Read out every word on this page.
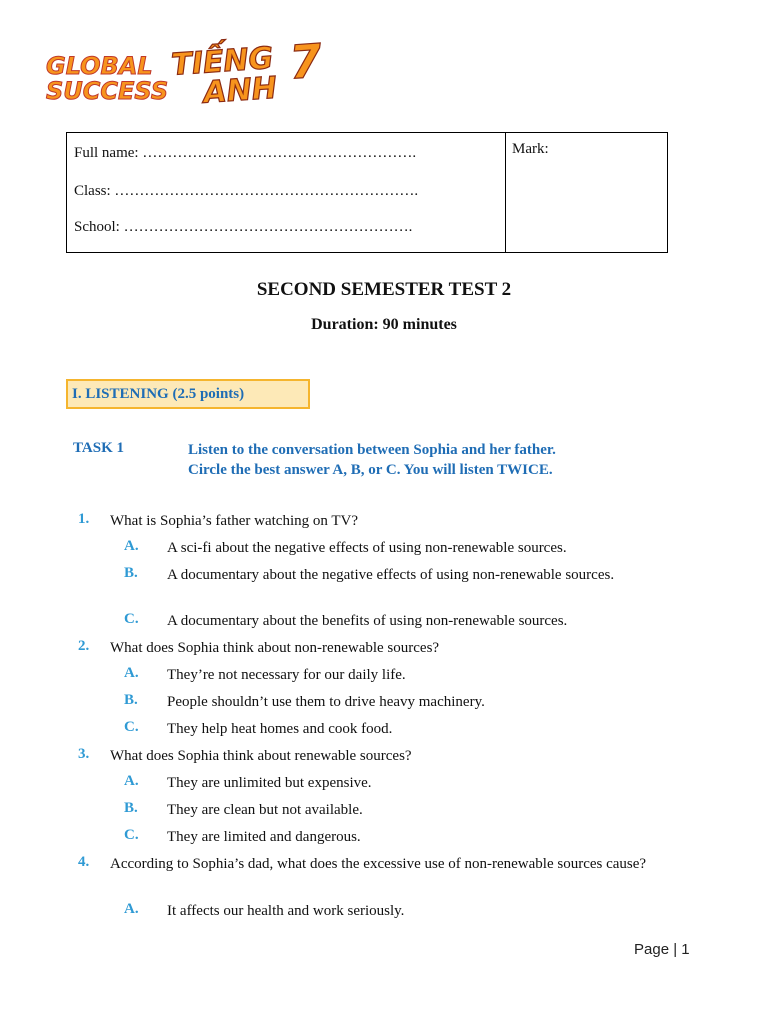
GLOBAL
SUCCESS
TIẾNG
ANH
7
Full name: ……………………………………………….
Class: …………………………………………………….
School: ………………………………………………….
Mark:
SECOND SEMESTER TEST 2
Duration: 90 minutes
I. LISTENING (2.5 points)
TASK 1	Listen to the conversation between Sophia and her father.
Circle the best answer A, B, or C. You will listen TWICE.
1. What is Sophia’s father watching on TV?
A. A sci-fi about the negative effects of using non-renewable sources.
B. A documentary about the negative effects of using non-renewable sources.
C. A documentary about the benefits of using non-renewable sources.
2. What does Sophia think about non-renewable sources?
A. They’re not necessary for our daily life.
B. People shouldn’t use them to drive heavy machinery.
C. They help heat homes and cook food.
3. What does Sophia think about renewable sources?
A. They are unlimited but expensive.
B. They are clean but not available.
C. They are limited and dangerous.
4. According to Sophia’s dad, what does the excessive use of non-renewable sources cause?
A. It affects our health and work seriously.
Page | 1
